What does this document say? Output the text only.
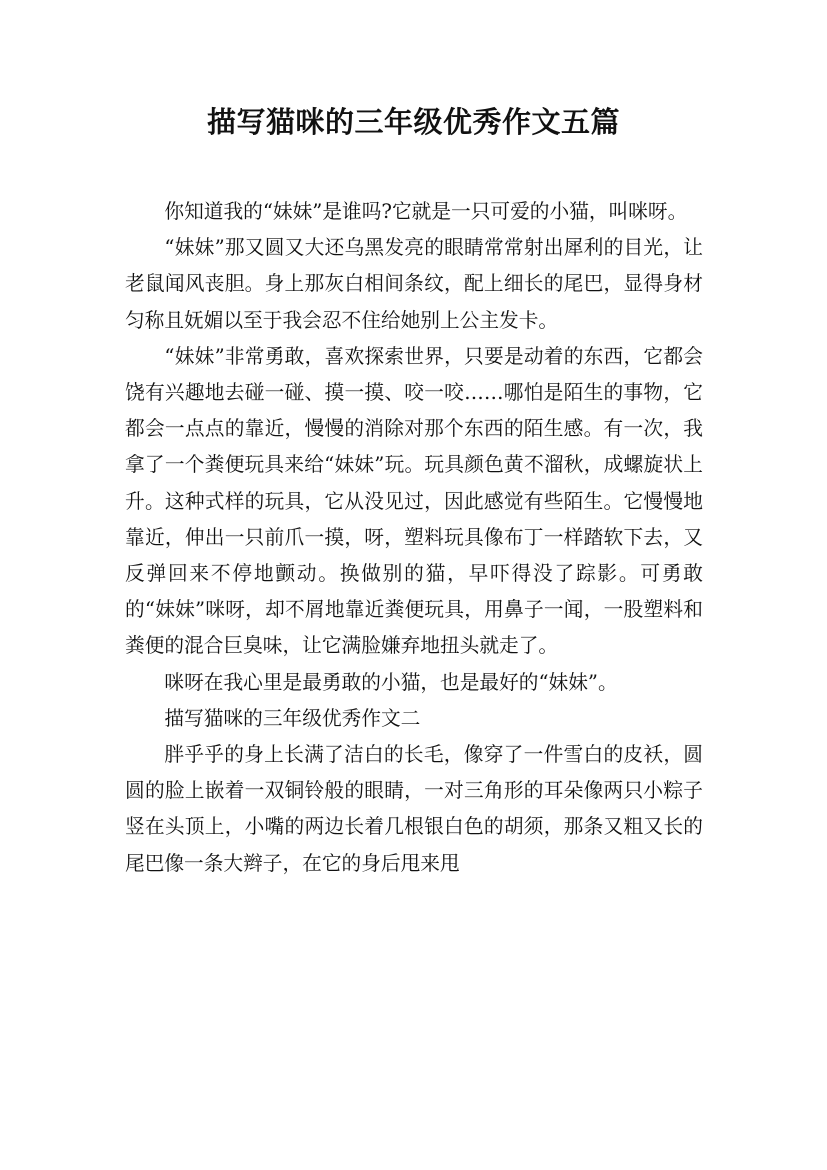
描写猫咪的三年级优秀作文五篇

你知道我的“妹妹”是谁吗?它就是一只可爱的小猫，叫咪呀。

“妹妹”那又圆又大还乌黑发亮的眼睛常常射出犀利的目光，让老鼠闻风丧胆。身上那灰白相间条纹，配上细长的尾巴，显得身材匀称且妩媚以至于我会忍不住给她别上公主发卡。

“妹妹”非常勇敢，喜欢探索世界，只要是动着的东西，它都会饶有兴趣地去碰一碰、摸一摸、咬一咬……哪怕是陌生的事物，它都会一点点的靠近，慢慢的消除对那个东西的陌生感。有一次，我拿了一个粪便玩具来给“妹妹”玩。玩具颜色黄不溜秋，成螺旋状上升。这种式样的玩具，它从没见过，因此感觉有些陌生。它慢慢地靠近，伸出一只前爪一摸，呀，塑料玩具像布丁一样踏软下去，又反弹回来不停地颤动。换做别的猫，早吓得没了踪影。可勇敢的“妹妹”咪呀，却不屑地靠近粪便玩具，用鼻子一闻，一股塑料和粪便的混合巨臭味，让它满脸嫌弃地扭头就走了。

咪呀在我心里是最勇敢的小猫，也是最好的“妹妹”。

描写猫咪的三年级优秀作文二

胖乎乎的身上长满了洁白的长毛，像穿了一件雪白的皮袄，圆圆的脸上嵌着一双铜铃般的眼睛，一对三角形的耳朵像两只小粽子竖在头顶上，小嘴的两边长着几根银白色的胡须，那条又粗又长的尾巴像一条大辫子，在它的身后甩来甩
